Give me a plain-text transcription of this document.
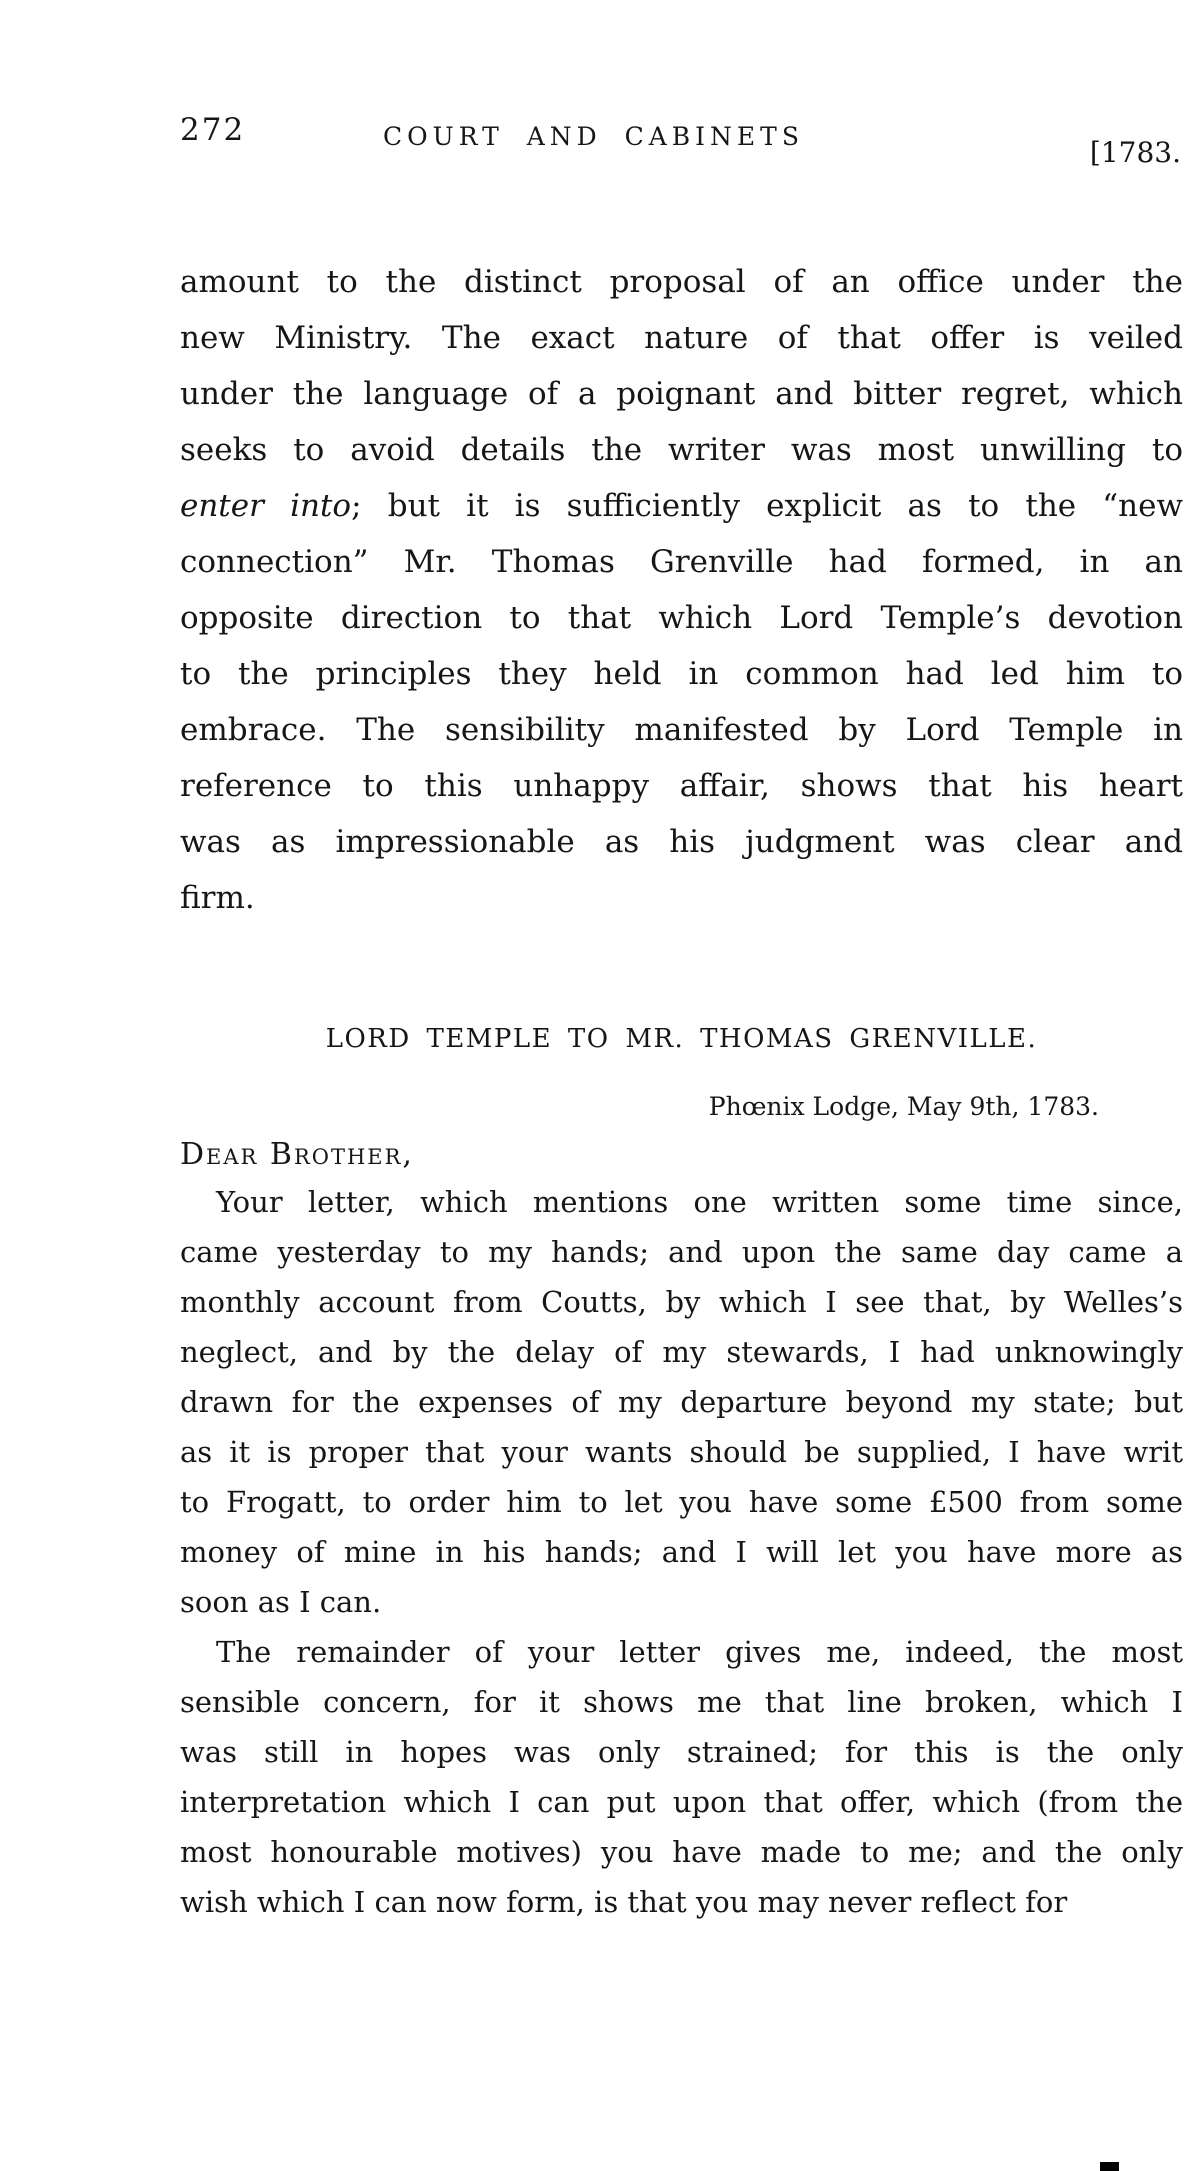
272	COURT AND CABINETS	[1783.
amount to the distinct proposal of an office under the
new Ministry. The exact nature of that offer is veiled
under the language of a poignant and bitter regret, which
seeks to avoid details the writer was most unwilling to
enter into; but it is sufficiently explicit as to the “new
connection” Mr. Thomas Grenville had formed, in an
opposite direction to that which Lord Temple’s devotion
to the principles they held in common had led him to
embrace. The sensibility manifested by Lord Temple in
reference to this unhappy affair, shows that his heart
was as impressionable as his judgment was clear and
firm.
LORD TEMPLE TO MR. THOMAS GRENVILLE.
Phœnix Lodge, May 9th, 1783.
Dear Brother,
Your letter, which mentions one written some time since,
came yesterday to my hands; and upon the same day came a
monthly account from Coutts, by which I see that, by Welles’s
neglect, and by the delay of my stewards, I had unknowingly
drawn for the expenses of my departure beyond my state; but
as it is proper that your wants should be supplied, I have writ
to Frogatt, to order him to let you have some £500 from some
money of mine in his hands; and I will let you have more as
soon as I can.
The remainder of your letter gives me, indeed, the most
sensible concern, for it shows me that line broken, which I
was still in hopes was only strained; for this is the only
interpretation which I can put upon that offer, which (from the
most honourable motives) you have made to me; and the only
wish which I can now form, is that you may never reflect for
